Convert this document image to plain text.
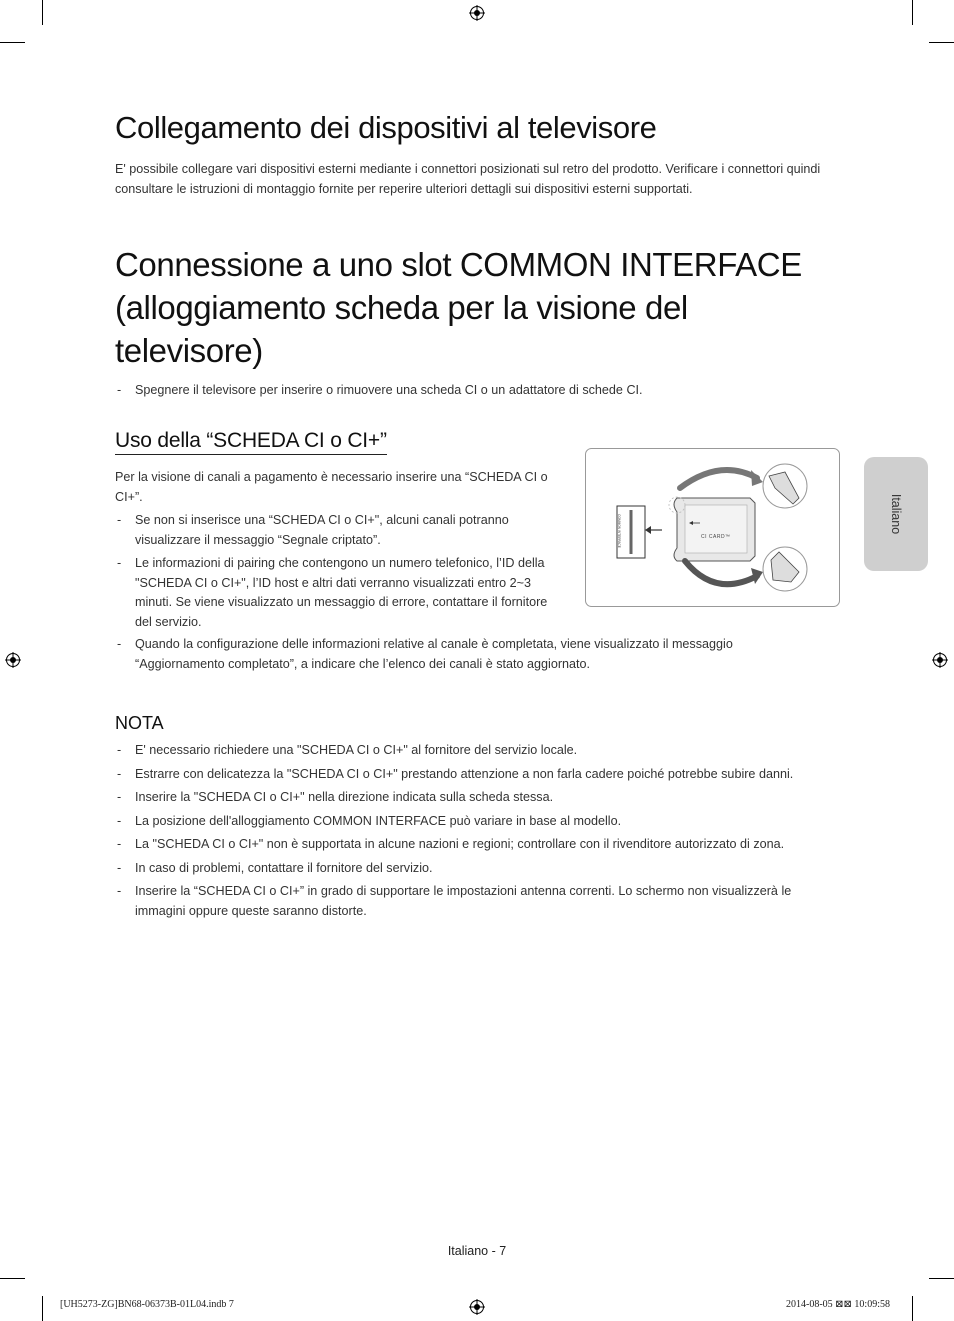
Collegamento dei dispositivi al televisore

E' possibile collegare vari dispositivi esterni mediante i connettori posizionati sul retro del prodotto. Verificare i connettori quindi consultare le istruzioni di montaggio fornite per reperire ulteriori dettagli sui dispositivi esterni supportati.

Connessione a uno slot COMMON INTERFACE (alloggiamento scheda per la visione del televisore)
- Spegnere il televisore per inserire o rimuovere una scheda CI o un adattatore di schede CI.
Uso della “SCHEDA CI o CI+”

Per la visione di canali a pagamento è necessario inserire una “SCHEDA CI o CI+”.

- Se non si inserisce una “SCHEDA CI o CI+", alcuni canali potranno visualizzare il messaggio “Segnale criptato”.
- Le informazioni di pairing che contengono un numero telefonico, l’ID della "SCHEDA CI o CI+", l’ID host e altri dati verranno visualizzati entro 2~3 minuti. Se viene visualizzato un messaggio di errore, contattare il fornitore del servizio.
- Quando la configurazione delle informazioni relative al canale è completata, viene visualizzato il messaggio “Aggiornamento completato”, a indicare che l’elenco dei canali è stato aggiornato.
CI CARD™
COMMON INTERFACE	Italiano
NOTA
- E' necessario richiedere una "SCHEDA CI o CI+" al fornitore del servizio locale.
- Estrarre con delicatezza la "SCHEDA CI o CI+" prestando attenzione a non farla cadere poiché potrebbe subire danni.
- Inserire la "SCHEDA CI o CI+" nella direzione indicata sulla scheda stessa.
- La posizione dell'alloggiamento COMMON INTERFACE può variare in base al modello.
- La "SCHEDA CI o CI+" non è supportata in alcune nazioni e regioni; controllare con il rivenditore autorizzato di zona.
- In caso di problemi, contattare il fornitore del servizio.
- Inserire la “SCHEDA CI o CI+” in grado di supportare le impostazioni antenna correnti. Lo schermo non visualizzerà le immagini oppure queste saranno distorte.
Italiano - 7
[UH5273-ZG]BN68-06373B-01L04.indb 7	2014-08-05 ⊠⊠ 10:09:58
